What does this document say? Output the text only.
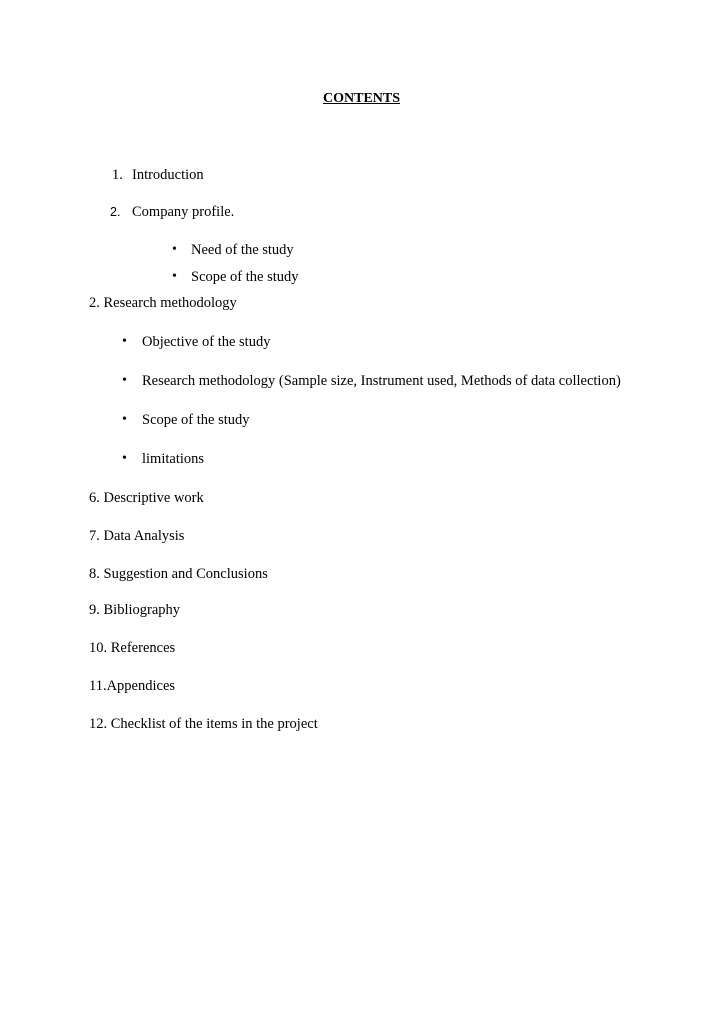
CONTENTS
1. Introduction
2. Company profile.
• Need of the study
• Scope of the study
2. Research methodology
• Objective of the study
• Research methodology (Sample size, Instrument used, Methods of data collection)
• Scope of the study
• limitations
6. Descriptive work
7. Data Analysis
8. Suggestion and Conclusions
9. Bibliography
10. References
11.Appendices
12. Checklist of the items in the project
